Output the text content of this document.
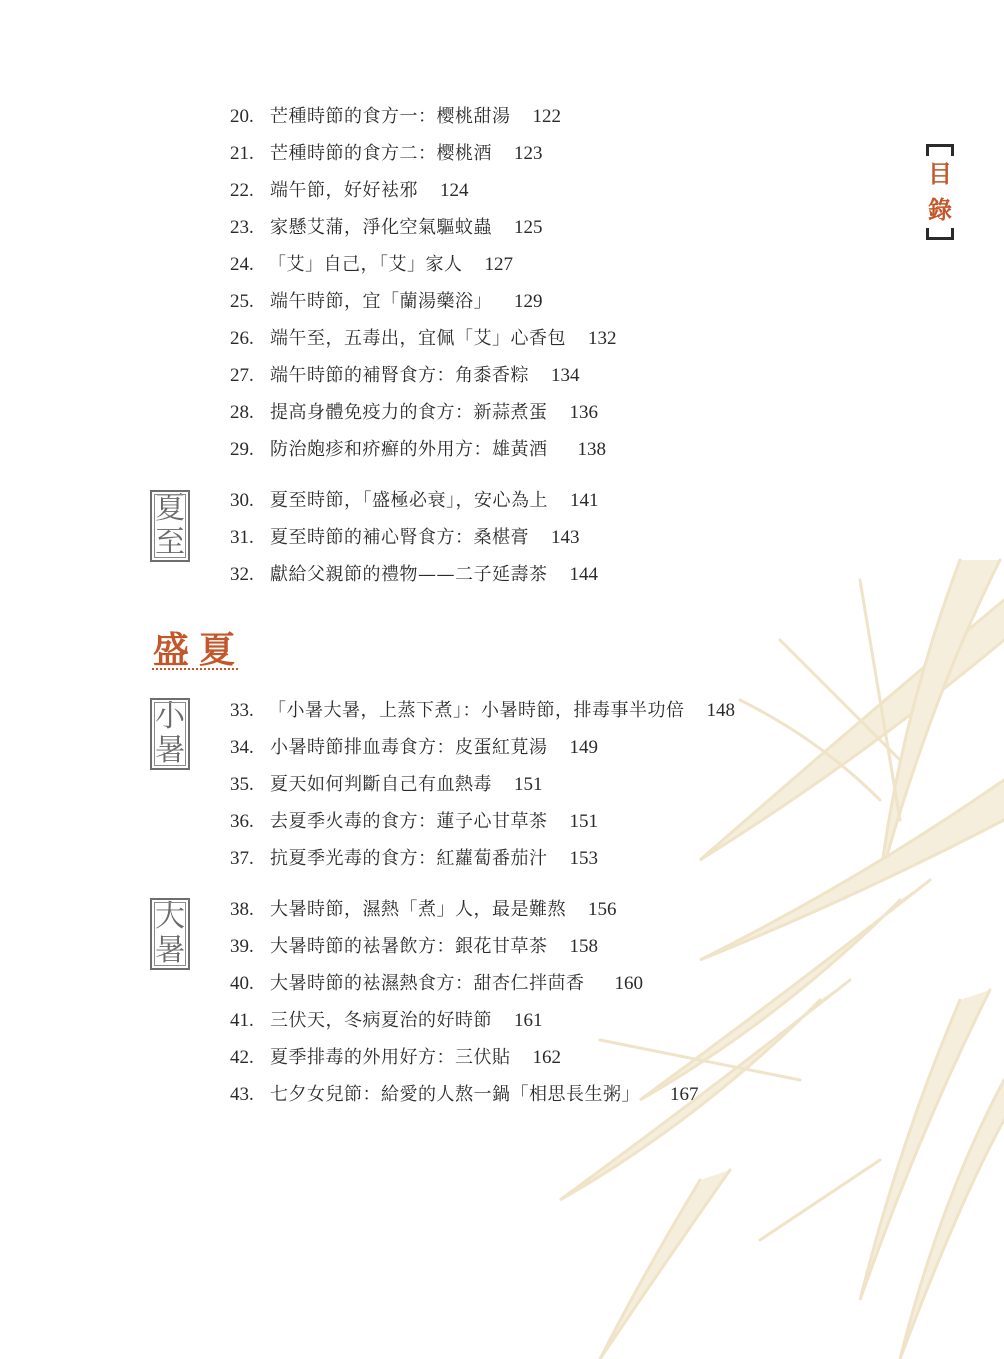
目
錄
夏
至
小
暑
大
暑
盛夏
20. 芒種時節的食方一：樱桃甜湯 122
21. 芒種時節的食方二：樱桃酒 123
22. 端午節，好好袪邪 124
23. 家懸艾蒲，淨化空氣驅蚊蟲 125
24. 「艾」自己，「艾」家人 127
25. 端午時節，宜「蘭湯藥浴」 129
26. 端午至，五毒出，宜佩「艾」心香包 132
27. 端午時節的補腎食方：角黍香粽 134
28. 提高身體免疫力的食方：新蒜煮蛋 136
29. 防治皰疹和疥癬的外用方：雄黃酒 138
30. 夏至時節，「盛極必衰」，安心為上 141
31. 夏至時節的補心腎食方：桑椹膏 143
32. 獻給父親節的禮物——二子延壽茶 144
33. 「小暑大暑，上蒸下煮」：小暑時節，排毒事半功倍 148
34. 小暑時節排血毒食方：皮蛋紅莧湯 149
35. 夏天如何判斷自己有血熱毒 151
36. 去夏季火毒的食方：蓮子心甘草茶 151
37. 抗夏季光毒的食方：紅蘿蔔番茄汁 153
38. 大暑時節，濕熱「煮」人，最是難熬 156
39. 大暑時節的袪暑飲方：銀花甘草茶 158
40. 大暑時節的袪濕熱食方：甜杏仁拌茴香 160
41. 三伏天，冬病夏治的好時節 161
42. 夏季排毒的外用好方：三伏貼 162
43. 七夕女兒節：給愛的人熬一鍋「相思長生粥」 167
